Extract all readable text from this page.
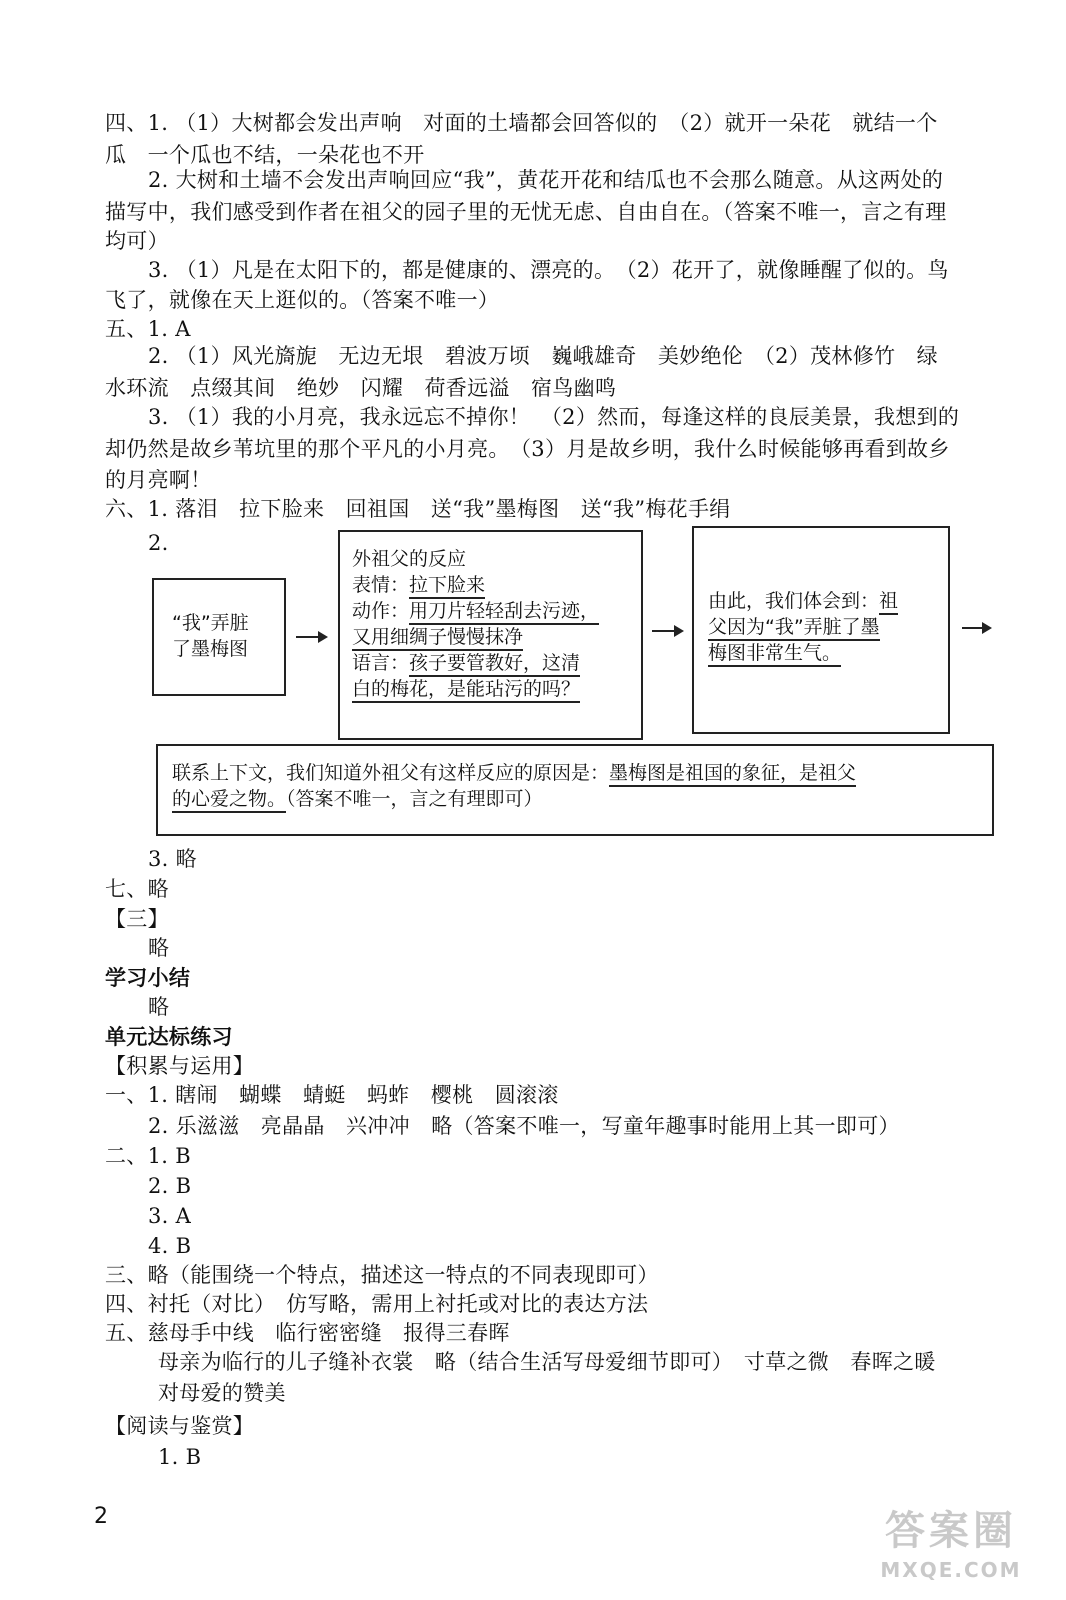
四、1. （1）大树都会发出声响　对面的土墙都会回答似的　（2）就开一朵花　就结一个
瓜　一个瓜也不结，一朵花也不开
2. 大树和土墙不会发出声响回应“我”，黄花开花和结瓜也不会那么随意。从这两处的
描写中，我们感受到作者在祖父的园子里的无忧无虑、自由自在。（答案不唯一，言之有理
均可）
3. （1）凡是在太阳下的，都是健康的、漂亮的。　（2）花开了，就像睡醒了似的。鸟
飞了，就像在天上逛似的。（答案不唯一）
五、1. A
2. （1）风光旖旎　无边无垠　碧波万顷　巍峨雄奇　美妙绝伦　（2）茂林修竹　绿
水环流　点缀其间　绝妙　闪耀　荷香远溢　宿鸟幽鸣
3. （1）我的小月亮，我永远忘不掉你！　（2）然而，每逢这样的良辰美景，我想到的
却仍然是故乡苇坑里的那个平凡的小月亮。　（3）月是故乡明，我什么时候能够再看到故乡
的月亮啊！
六、1. 落泪　拉下脸来　回祖国　送“我”墨梅图　送“我”梅花手绢
2.
“我”弄脏
了墨梅图
外祖父的反应
表情：拉下脸来
动作：用刀片轻轻刮去污迹，
又用细绸子慢慢抹净
语言：孩子要管教好，这清
白的梅花，是能玷污的吗？
由此，我们体会到：祖
父因为“我”弄脏了墨
梅图非常生气。
联系上下文，我们知道外祖父有这样反应的原因是：墨梅图是祖国的象征，是祖父
的心爱之物。（答案不唯一，言之有理即可）
3. 略
七、略
【三】
略
学习小结
略
单元达标练习
【积累与运用】
一、1. 瞎闹　蝴蝶　蜻蜓　蚂蚱　樱桃　圆滚滚
2. 乐滋滋　亮晶晶　兴冲冲　略（答案不唯一，写童年趣事时能用上其一即可）
二、1. B
2. B
3. A
4. B
三、略（能围绕一个特点，描述这一特点的不同表现即可）
四、衬托（对比）　仿写略，需用上衬托或对比的表达方法
五、慈母手中线　临行密密缝　报得三春晖
母亲为临行的儿子缝补衣裳　略（结合生活写母爱细节即可）　寸草之微　春晖之暖
对母爱的赞美
【阅读与鉴赏】
1. B
2	答案圈
MXQE.COM
